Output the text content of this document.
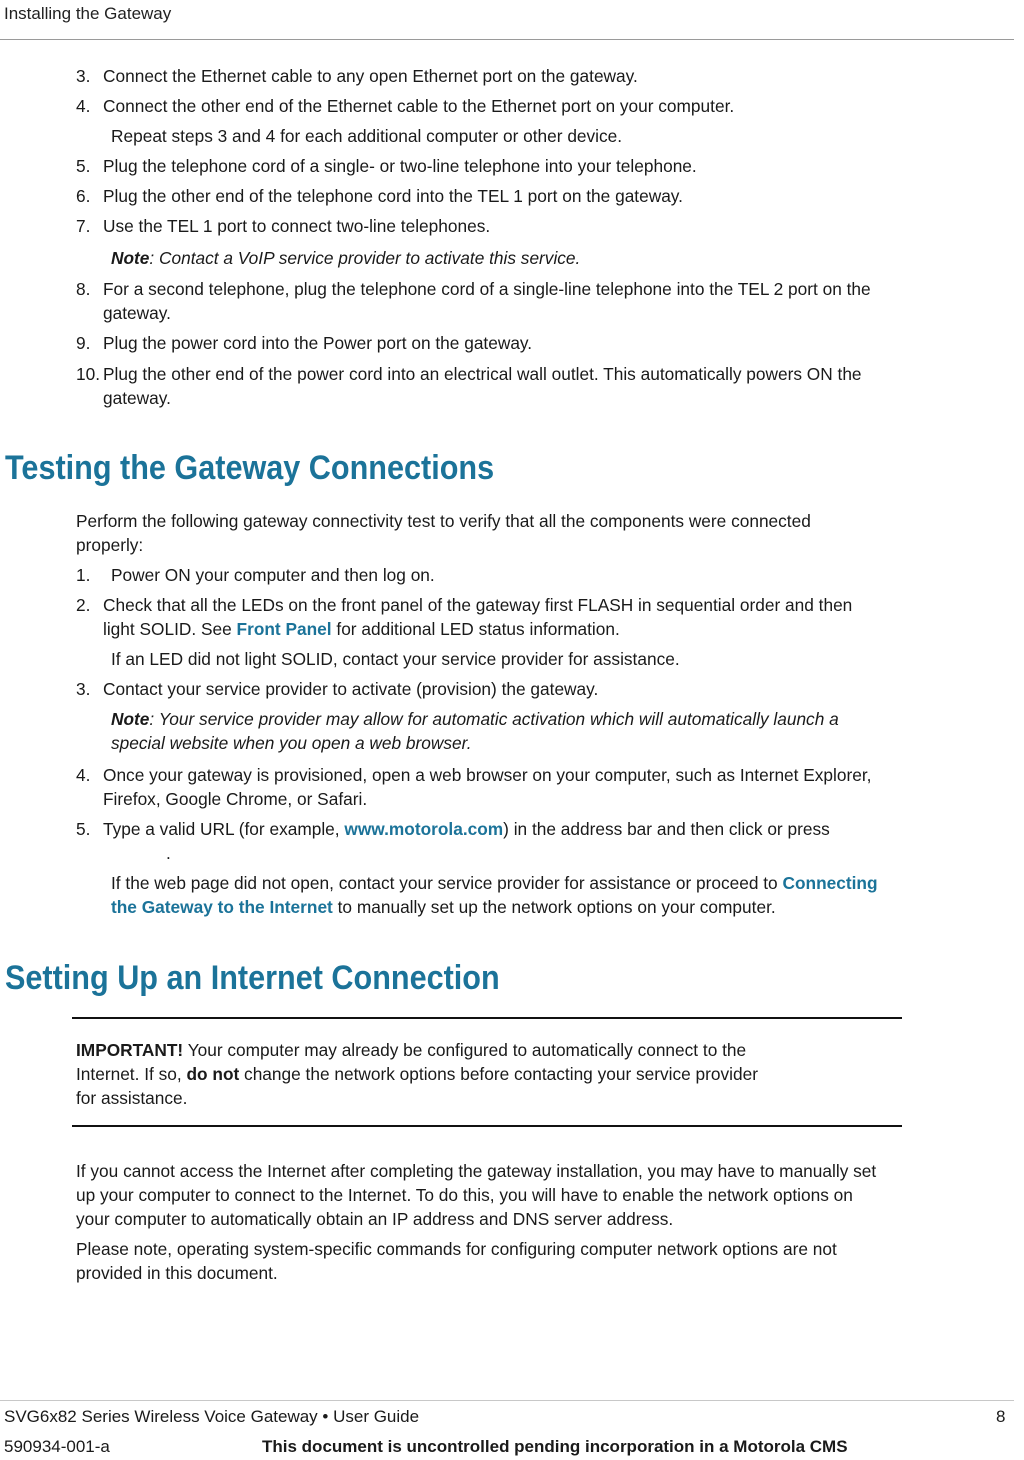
Installing the Gateway
3. Connect the Ethernet cable to any open Ethernet port on the gateway.
4. Connect the other end of the Ethernet cable to the Ethernet port on your computer.
Repeat steps 3 and 4 for each additional computer or other device.
5. Plug the telephone cord of a single- or two-line telephone into your telephone.
6. Plug the other end of the telephone cord into the TEL 1 port on the gateway.
7. Use the TEL 1 port to connect two-line telephones.
Note: Contact a VoIP service provider to activate this service.
8. For a second telephone, plug the telephone cord of a single-line telephone into the TEL 2 port on the
gateway.
9. Plug the power cord into the Power port on the gateway.
10. Plug the other end of the power cord into an electrical wall outlet. This automatically powers ON the
gateway.
Testing the Gateway Connections
Perform the following gateway connectivity test to verify that all the components were connected
properly:
1. Power ON your computer and then log on.
2. Check that all the LEDs on the front panel of the gateway first FLASH in sequential order and then
light SOLID. See Front Panel for additional LED status information.
If an LED did not light SOLID, contact your service provider for assistance.
3. Contact your service provider to activate (provision) the gateway.
Note: Your service provider may allow for automatic activation which will automatically launch a
special website when you open a web browser.
4. Once your gateway is provisioned, open a web browser on your computer, such as Internet Explorer,
Firefox, Google Chrome, or Safari.
5. Type a valid URL (for example, www.motorola.com) in the address bar and then click or press
.
If the web page did not open, contact your service provider for assistance or proceed to Connecting
the Gateway to the Internet to manually set up the network options on your computer.
Setting Up an Internet Connection
IMPORTANT! Your computer may already be configured to automatically connect to the
Internet. If so, do not change the network options before contacting your service provider
for assistance.
If you cannot access the Internet after completing the gateway installation, you may have to manually set
up your computer to connect to the Internet. To do this, you will have to enable the network options on
your computer to automatically obtain an IP address and DNS server address.
Please note, operating system-specific commands for configuring computer network options are not
provided in this document.
SVG6x82 Series Wireless Voice Gateway • User Guide	8
590934-001-a	This document is uncontrolled pending incorporation in a Motorola CMS
